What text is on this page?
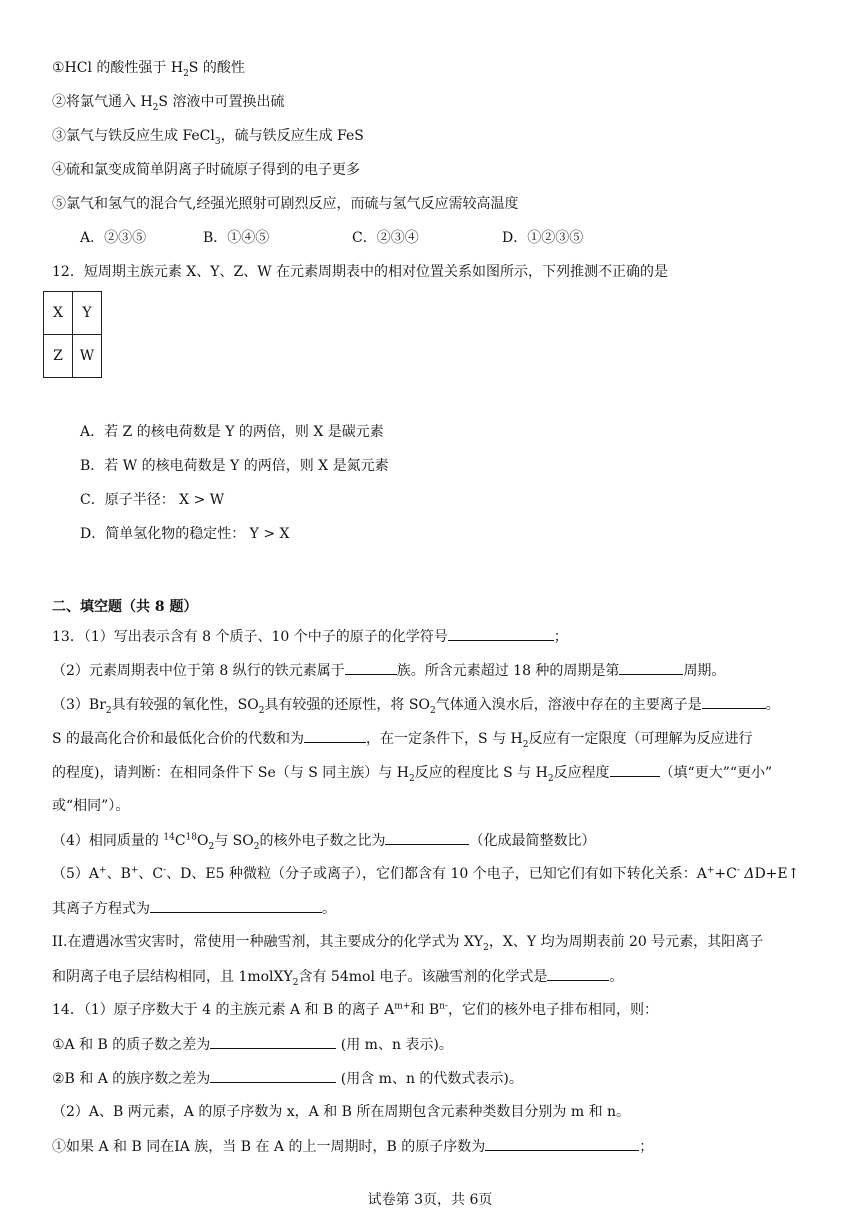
①HCl 的酸性强于 $H_2S$ 的酸性
②将氯气通入 $H_2S$ 溶液中可置换出硫
③氯气与铁反应生成 FeCl$_3$，硫与铁反应生成 FeS
④硫和氯变成简单阴离子时硫原子得到的电子更多
⑤氯气和氢气的混合气,经强光照射可剧烈反应，而硫与氢气反应需较高温度
A．②③⑤	B．①④⑤	C．②③④	D．①②③⑤
12．短周期主族元素 X、Y、Z、W 在元素周期表中的相对位置关系如图所示，下列推测不正确的是
X	Y
Z	W
A．若 Z 的核电荷数是 Y 的两倍，则 X 是碳元素
B．若 W 的核电荷数是 Y 的两倍，则 X 是氮元素
C．原子半径： X > W
D．简单氢化物的稳定性： Y > X
二、填空题（共 8 题）
13．（1）写出表示含有 8 个质子、10 个中子的原子的化学符号	；
（2）元素周期表中位于第 8 纵行的铁元素属于	族。所含元素超过 18 种的周期是第	周期。
$(3)Br_2$具有较强的氧化性，$SO_2$具有较强的还原性，将 $SO_2$气体通入溴水后，溶液中存在的主要离子是	。
S 的最高化合价和最低化合价的代数和为	，在一定条件下，S 与 $H_2$反应有一定限度（可理解为反应进行
的程度)，请判断：在相同条件下 Se（与 S 同主族）与 $H_2$反应的程度比 S 与 $H_2$反应程度	（填“更大”“更小”
或“相同”）。
（4）相同质量的 $^{14}C^{18}O_2$与 $SO_2$的核外电子数之比为	（化成最简整数比）
（5）A+、B+、C-、D、E5 种微粒（分子或离子），它们都含有 10 个电子，已知它们有如下转化关系：A++C- ΔD+E↑
其离子方程式为	。
II.在遭遇冰雪灾害时，常使用一种融雪剂，其主要成分的化学式为 $XY_2$，X、Y 均为周期表前 20 号元素，其阳离子
和阴离子电子层结构相同，且 1molXY$_2$含有 54mol 电子。该融雪剂的化学式是	。
14．（1）原子序数大于 4 的主族元素 A 和 B 的离子 $A^{m+}$和 $B^{n-}$，它们的核外电子排布相同，则：
①A 和 B 的质子数之差为	(用 m、n 表示)。
②B 和 A 的族序数之差为	(用含 m、n 的代数式表示)。
（2）A、B 两元素，A 的原子序数为 x，A 和 B 所在周期包含元素种类数目分别为 m 和 n。
①如果 A 和 B 同在IA 族，当 B 在 A 的上一周期时，B 的原子序数为	；
试卷第 3页，共 6页
